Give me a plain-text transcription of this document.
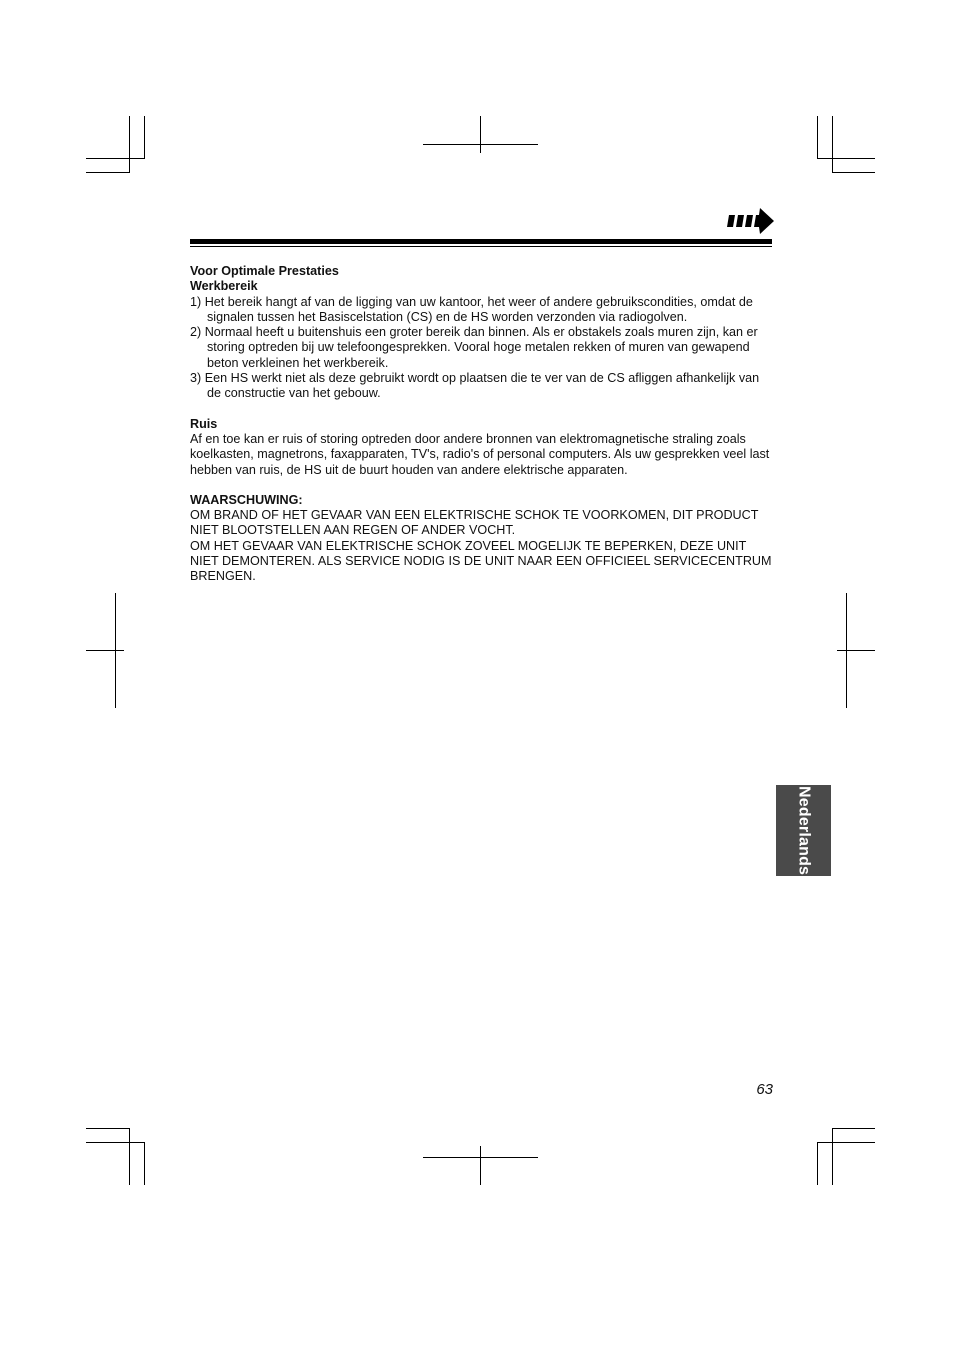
Voor Optimale Prestaties

Werkbereik

1) Het bereik hangt af van de ligging van uw kantoor, het weer of andere gebruikscondities, omdat de signalen tussen het Basiscelstation (CS) en de HS worden verzonden via radiogolven.

2) Normaal heeft u buitenshuis een groter bereik dan binnen. Als er obstakels zoals muren zijn, kan er storing optreden bij uw telefoongesprekken. Vooral hoge metalen rekken of muren van gewapend beton verkleinen het werkbereik.

3) Een HS werkt niet als deze gebruikt wordt op plaatsen die te ver van de CS afliggen afhankelijk van de constructie van het gebouw.

Ruis

Af en toe kan er ruis of storing optreden door andere bronnen van elektromagnetische straling zoals koelkasten, magnetrons, faxapparaten, TV's, radio's of personal computers. Als uw gesprekken veel last hebben van ruis, de HS uit de buurt houden van andere elektrische apparaten.

WAARSCHUWING:

OM BRAND OF HET GEVAAR VAN EEN ELEKTRISCHE SCHOK TE VOORKOMEN, DIT PRODUCT NIET BLOOTSTELLEN AAN REGEN OF ANDER VOCHT.

OM HET GEVAAR VAN ELEKTRISCHE SCHOK ZOVEEL MOGELIJK TE BEPERKEN, DEZE UNIT NIET DEMONTEREN. ALS SERVICE NODIG IS DE UNIT NAAR EEN OFFICIEEL SERVICECENTRUM BRENGEN.

Nederlands
63
